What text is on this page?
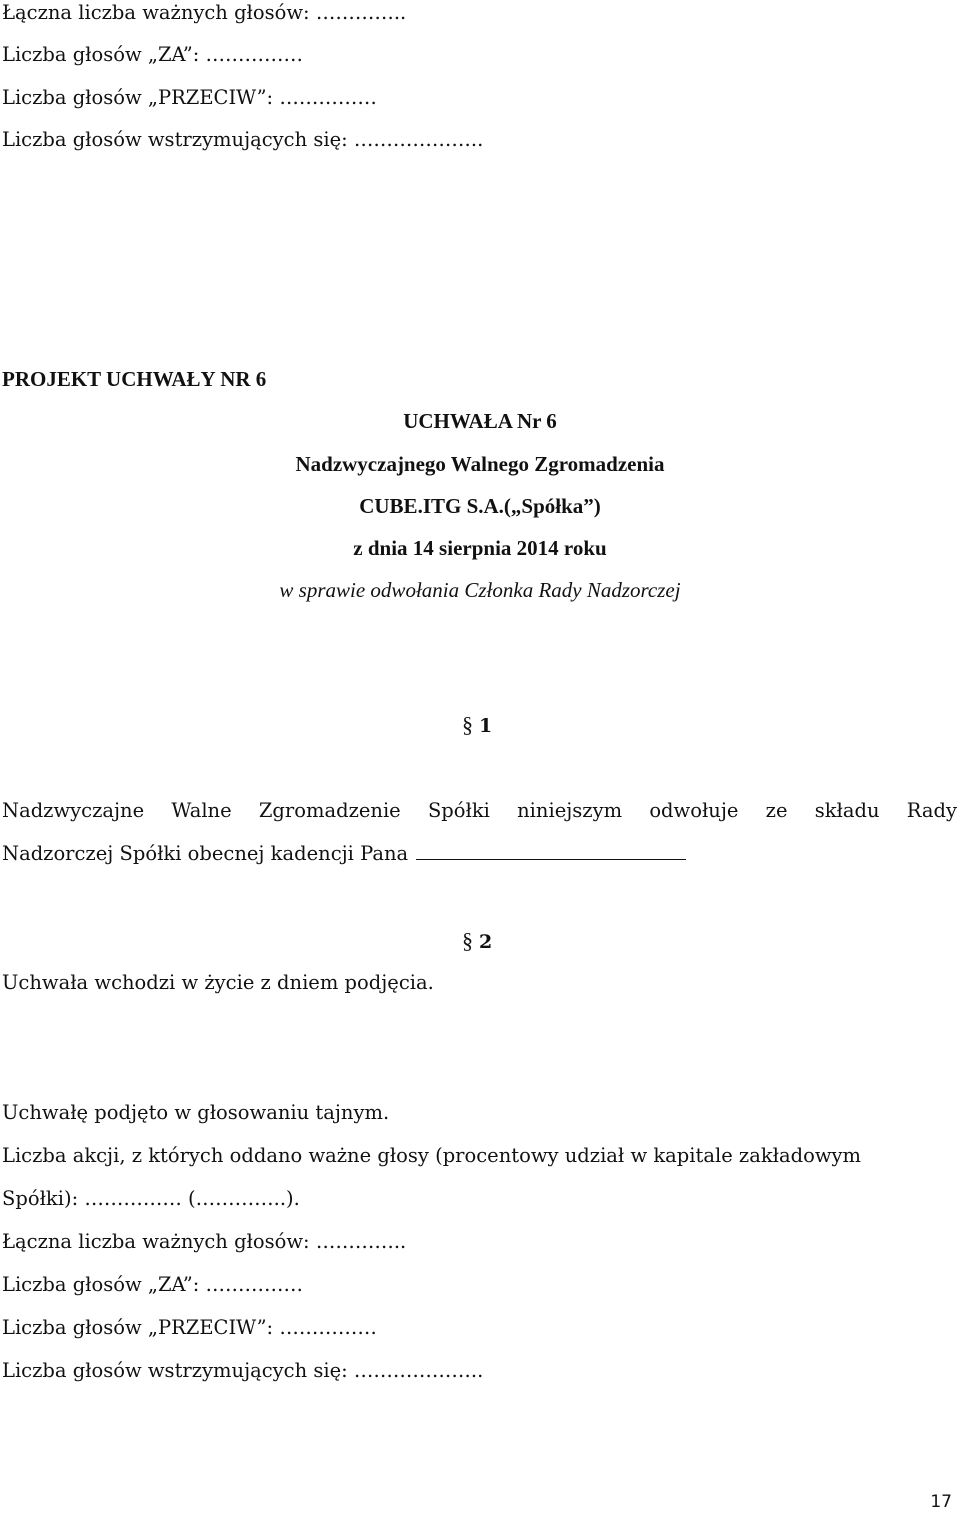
Łączna liczba ważnych głosów: …………..

Liczba głosów „ZA”: ……………

Liczba głosów „PRZECIW”: ……………

Liczba głosów wstrzymujących się: ………………..

PROJEKT UCHWAŁY NR 6

UCHWAŁA Nr 6

Nadzwyczajnego Walnego Zgromadzenia

CUBE.ITG S.A.(„Spółka”)

z dnia 14 sierpnia 2014 roku

w sprawie odwołania Członka Rady Nadzorczej

§ 1

Nadzwyczajne Walne Zgromadzenie Spółki niniejszym odwołuje ze składu Rady

Nadzorczej Spółki obecnej kadencji Pana

§ 2

Uchwała wchodzi w życie z dniem podjęcia.

Uchwałę podjęto w głosowaniu tajnym.

Liczba akcji, z których oddano ważne głosy (procentowy udział w kapitale zakładowym

Spółki): …………… (…………..).

Łączna liczba ważnych głosów: …………..

Liczba głosów „ZA”: ……………

Liczba głosów „PRZECIW”: ……………

Liczba głosów wstrzymujących się: ………………..

17
